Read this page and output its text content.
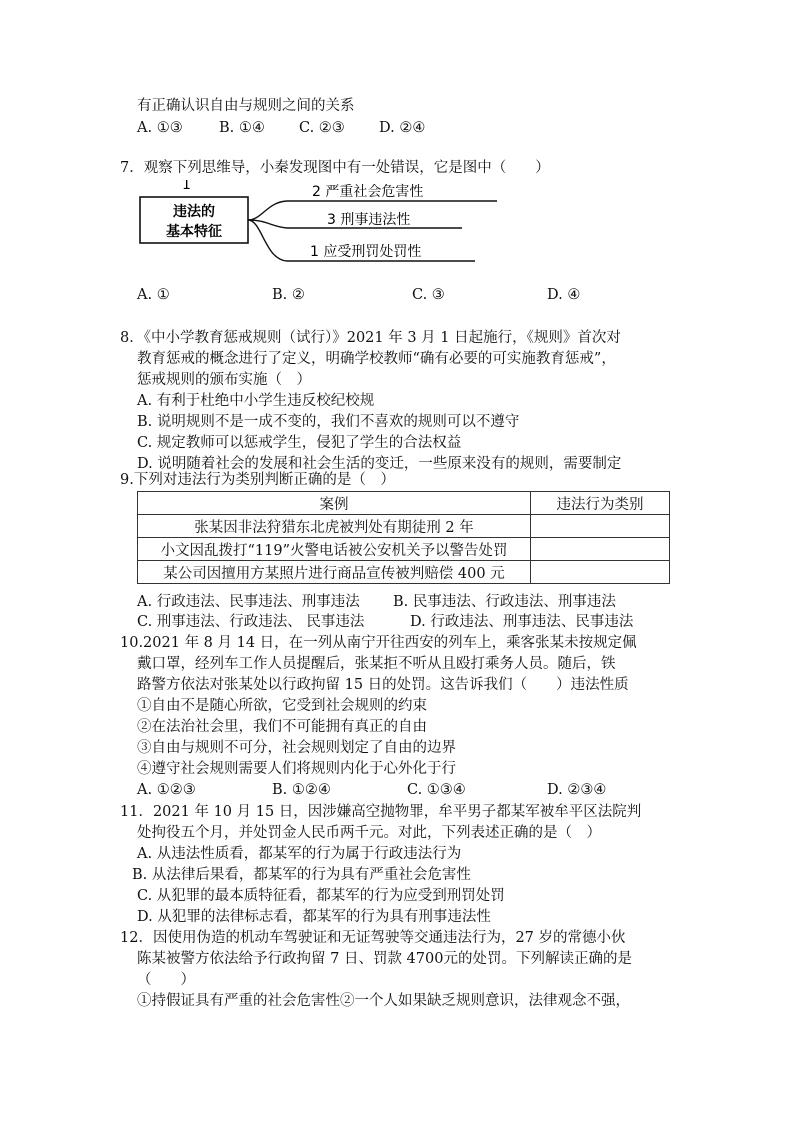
有正确认识自由与规则之间的关系
A. ①③	B. ①④	C. ②③	D. ②④
7．观察下列思维导，小秦发现图中有一处错误，它是图中（　　）
1
违法的
基本特征
2 严重社会危害性
3 刑事违法性
1 应受刑罚处罚性
A. ①	B. ②	C. ③	D. ④
8．《中小学教育惩戒规则（试行）》2021 年 3 月 1 日起施行，《规则》首次对
教育惩戒的概念进行了定义，明确学校教师“确有必要的可实施教育惩戒”，
惩戒规则的颁布实施（　）
A. 有利于杜绝中小学生违反校纪校规
B. 说明规则不是一成不变的，我们不喜欢的规则可以不遵守
C. 规定教师可以惩戒学生，侵犯了学生的合法权益
D. 说明随着社会的发展和社会生活的变迁，一些原来没有的规则，需要制定
9.下列对违法行为类别判断正确的是（　）
案例	违法行为类别
张某因非法狩猎东北虎被判处有期徒刑 2 年	
小文因乱拨打“119”火警电话被公安机关予以警告处罚	
某公司因擅用方某照片进行商品宣传被判赔偿 400 元	
A. 行政违法、民事违法、刑事违法	B. 民事违法、行政违法、刑事违法
C. 刑事违法、行政违法、 民事违法	D. 行政违法、刑事违法、民事违法
10.2021 年 8 月 14 日，在一列从南宁开往西安的列车上，乘客张某未按规定佩
戴口罩，经列车工作人员提醒后，张某拒不听从且殴打乘务人员。随后，铁
路警方依法对张某处以行政拘留 15 日的处罚。这告诉我们（　　）违法性质
①自由不是随心所欲，它受到社会规则的约束
②在法治社会里，我们不可能拥有真正的自由
③自由与规则不可分，社会规则划定了自由的边界
④遵守社会规则需要人们将规则内化于心外化于行
A. ①②③	B. ①②④	C. ①③④	D. ②③④
11．2021 年 10 月 15 日，因涉嫌高空抛物罪，牟平男子都某军被牟平区法院判
处拘役五个月，并处罚金人民币两千元。对此，下列表述正确的是（　）
A. 从违法性质看，都某军的行为属于行政违法行为
B. 从法律后果看，都某军的行为具有严重社会危害性
C. 从犯罪的最本质特征看，都某军的行为应受到刑罚处罚
D. 从犯罪的法律标志看，都某军的行为具有刑事违法性
12．因使用伪造的机动车驾驶证和无证驾驶等交通违法行为，27 岁的常德小伙
陈某被警方依法给予行政拘留 7 日、罚款 4700元的处罚。下列解读正确的是
（　　）
①持假证具有严重的社会危害性②一个人如果缺乏规则意识，法律观念不强，
